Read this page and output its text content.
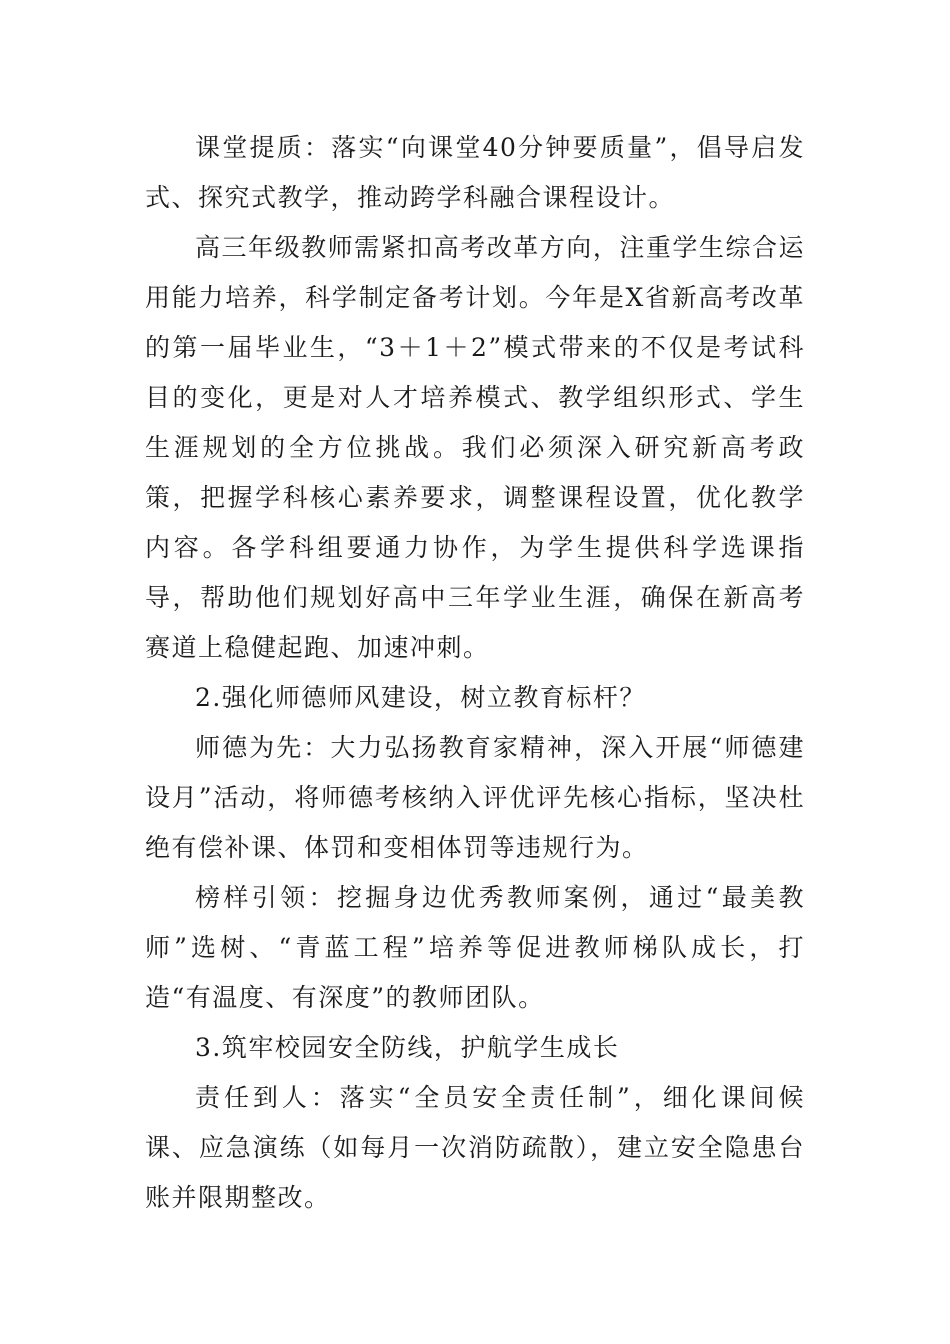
课堂提质：落实“向课堂40分钟要质量”，倡导启发式、探究式教学，推动跨学科融合课程设计。

高三年级教师需紧扣高考改革方向，注重学生综合运用能力培养，科学制定备考计划。今年是X省新高考改革的第一届毕业生，“3＋1＋2”模式带来的不仅是考试科目的变化，更是对人才培养模式、教学组织形式、学生生涯规划的全方位挑战。我们必须深入研究新高考政策，把握学科核心素养要求，调整课程设置，优化教学内容。各学科组要通力协作，为学生提供科学选课指导，帮助他们规划好高中三年学业生涯，确保在新高考赛道上稳健起跑、加速冲刺。

2.强化师德师风建设，树立教育标杆？

师德为先：大力弘扬教育家精神，深入开展“师德建设月”活动，将师德考核纳入评优评先核心指标，坚决杜绝有偿补课、体罚和变相体罚等违规行为。

榜样引领：挖掘身边优秀教师案例，通过“最美教师”选树、“青蓝工程”培养等促进教师梯队成长，打造“有温度、有深度”的教师团队。

3.筑牢校园安全防线，护航学生成长

责任到人：落实“全员安全责任制”，细化课间候课、应急演练（如每月一次消防疏散），建立安全隐患台账并限期整改。
